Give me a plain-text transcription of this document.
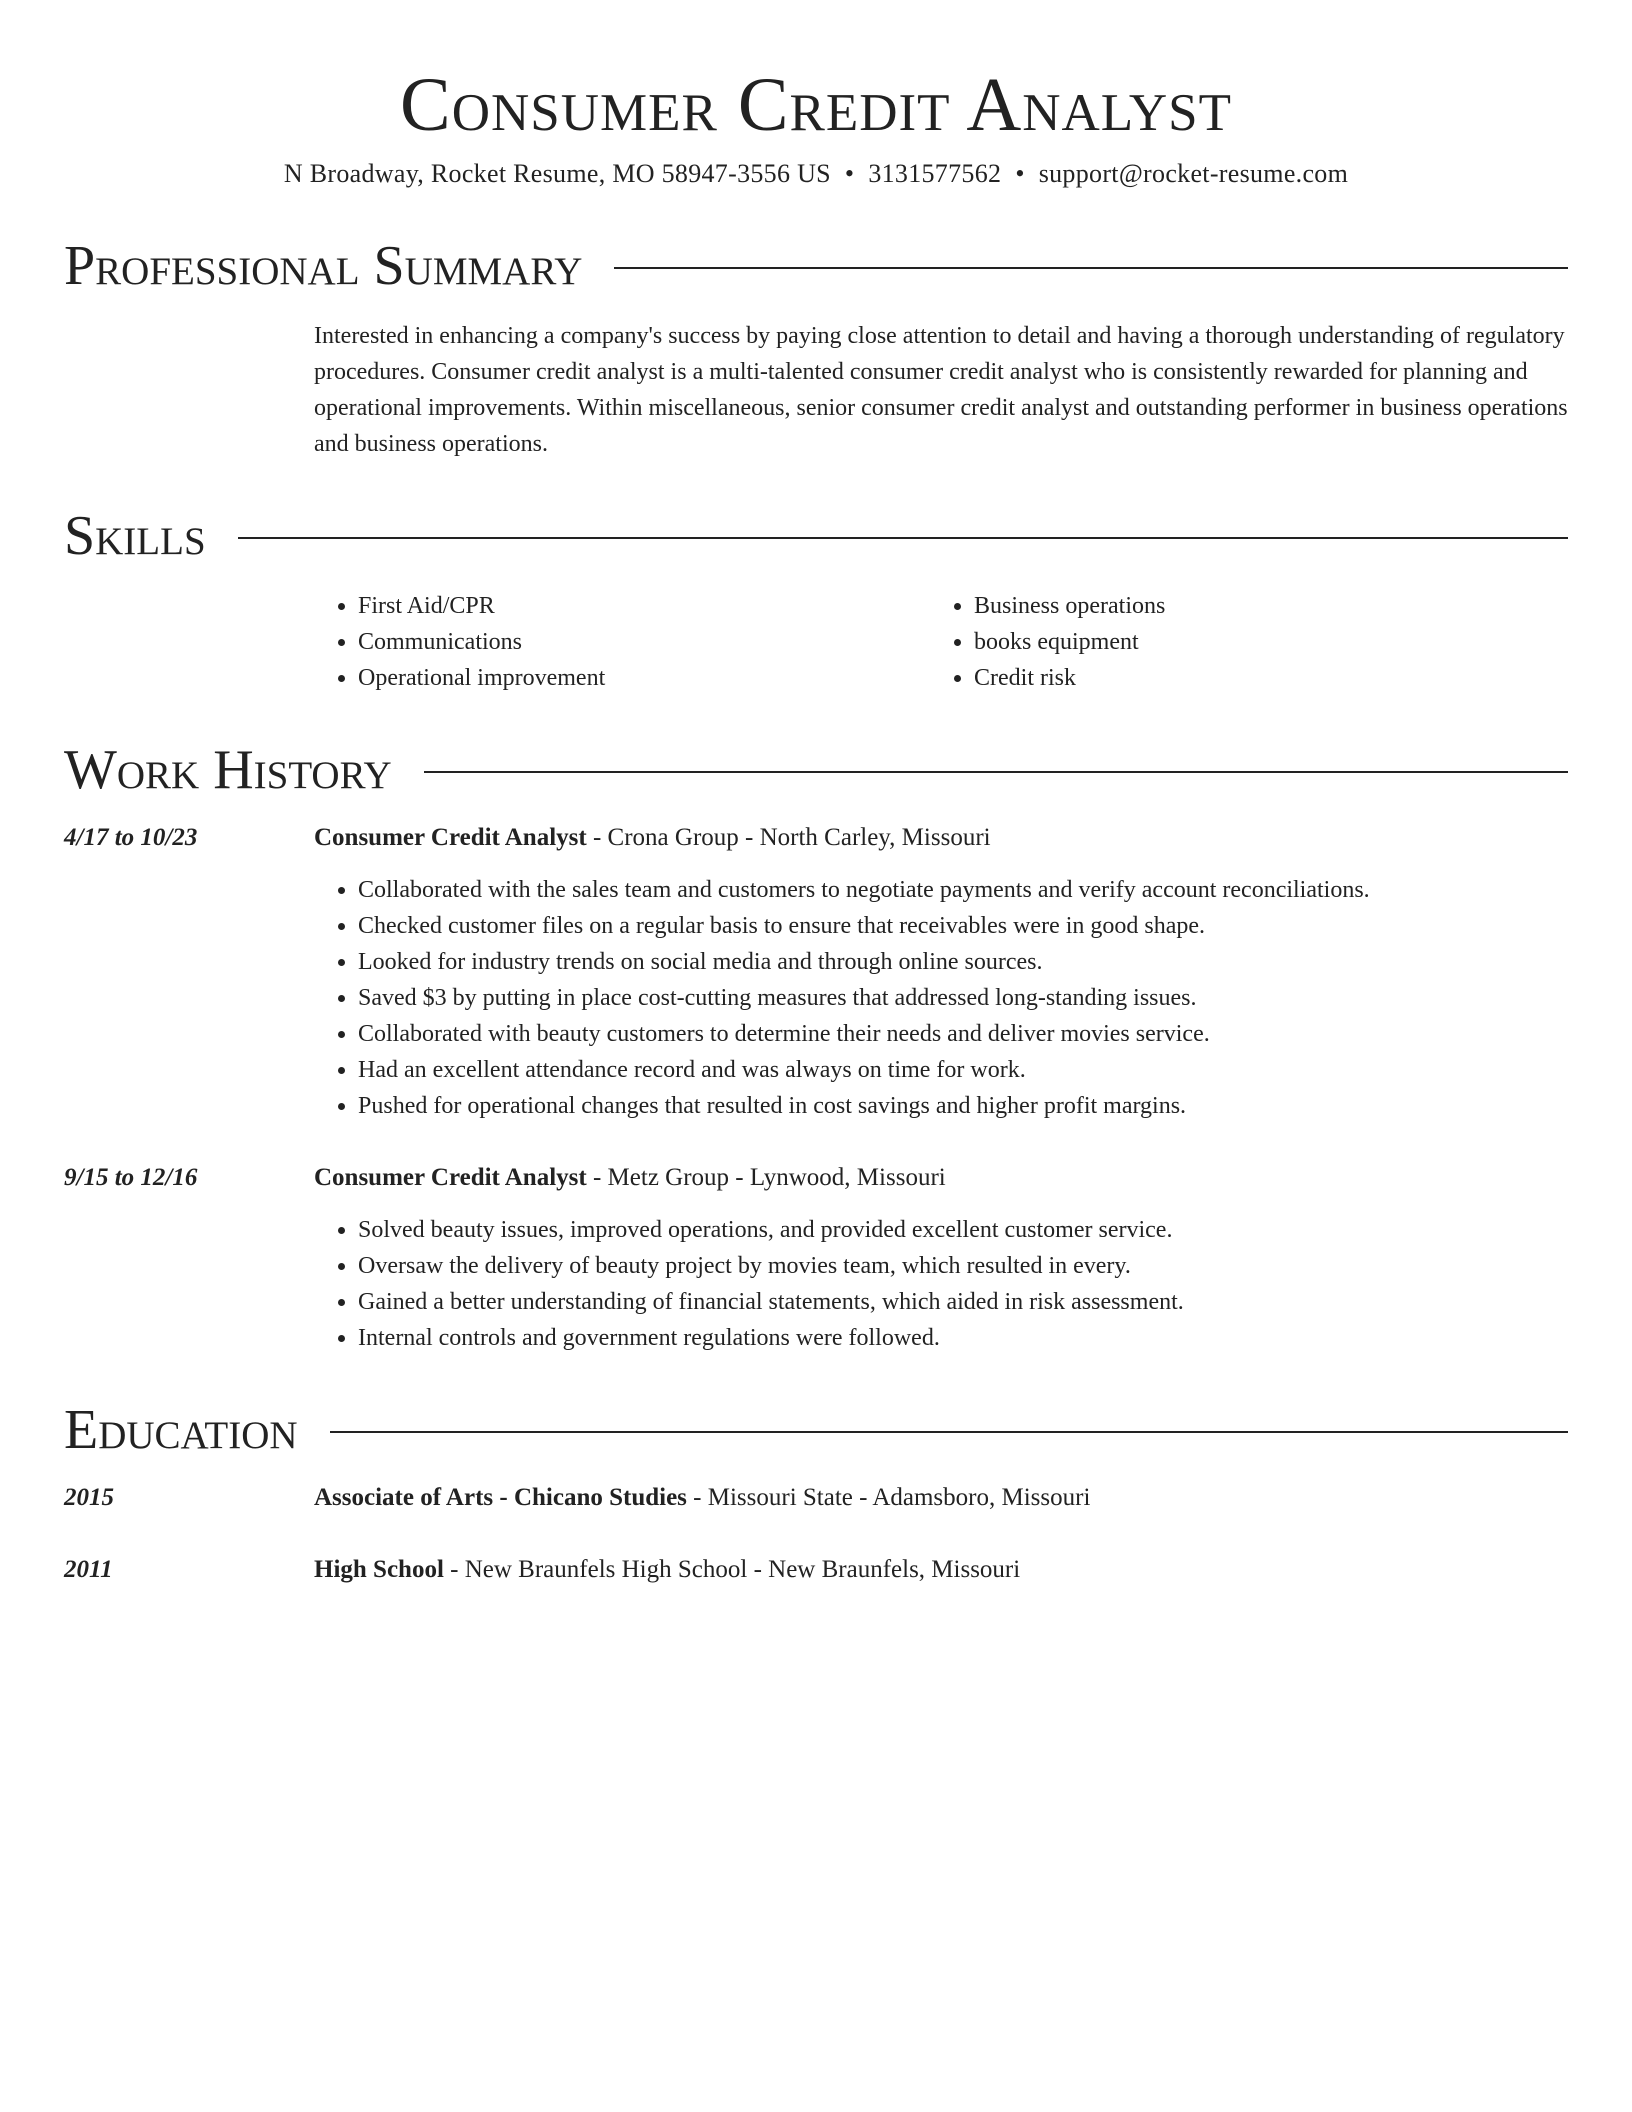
Consumer Credit Analyst
N Broadway, Rocket Resume, MO 58947-3556 US • 3131577562 • support@rocket-resume.com
Professional Summary
Interested in enhancing a company's success by paying close attention to detail and having a thorough understanding of regulatory procedures. Consumer credit analyst is a multi-talented consumer credit analyst who is consistently rewarded for planning and operational improvements. Within miscellaneous, senior consumer credit analyst and outstanding performer in business operations and business operations.
Skills
• First Aid/CPR
• Communications
• Operational improvement
• Business operations
• books equipment
• Credit risk
Work History
4/17 to 10/23	Consumer Credit Analyst - Crona Group - North Carley, Missouri
• Collaborated with the sales team and customers to negotiate payments and verify account reconciliations.
• Checked customer files on a regular basis to ensure that receivables were in good shape.
• Looked for industry trends on social media and through online sources.
• Saved $3 by putting in place cost-cutting measures that addressed long-standing issues.
• Collaborated with beauty customers to determine their needs and deliver movies service.
• Had an excellent attendance record and was always on time for work.
• Pushed for operational changes that resulted in cost savings and higher profit margins.
9/15 to 12/16	Consumer Credit Analyst - Metz Group - Lynwood, Missouri
• Solved beauty issues, improved operations, and provided excellent customer service.
• Oversaw the delivery of beauty project by movies team, which resulted in every.
• Gained a better understanding of financial statements, which aided in risk assessment.
• Internal controls and government regulations were followed.
Education
2015	Associate of Arts - Chicano Studies - Missouri State - Adamsboro, Missouri
2011	High School - New Braunfels High School - New Braunfels, Missouri
